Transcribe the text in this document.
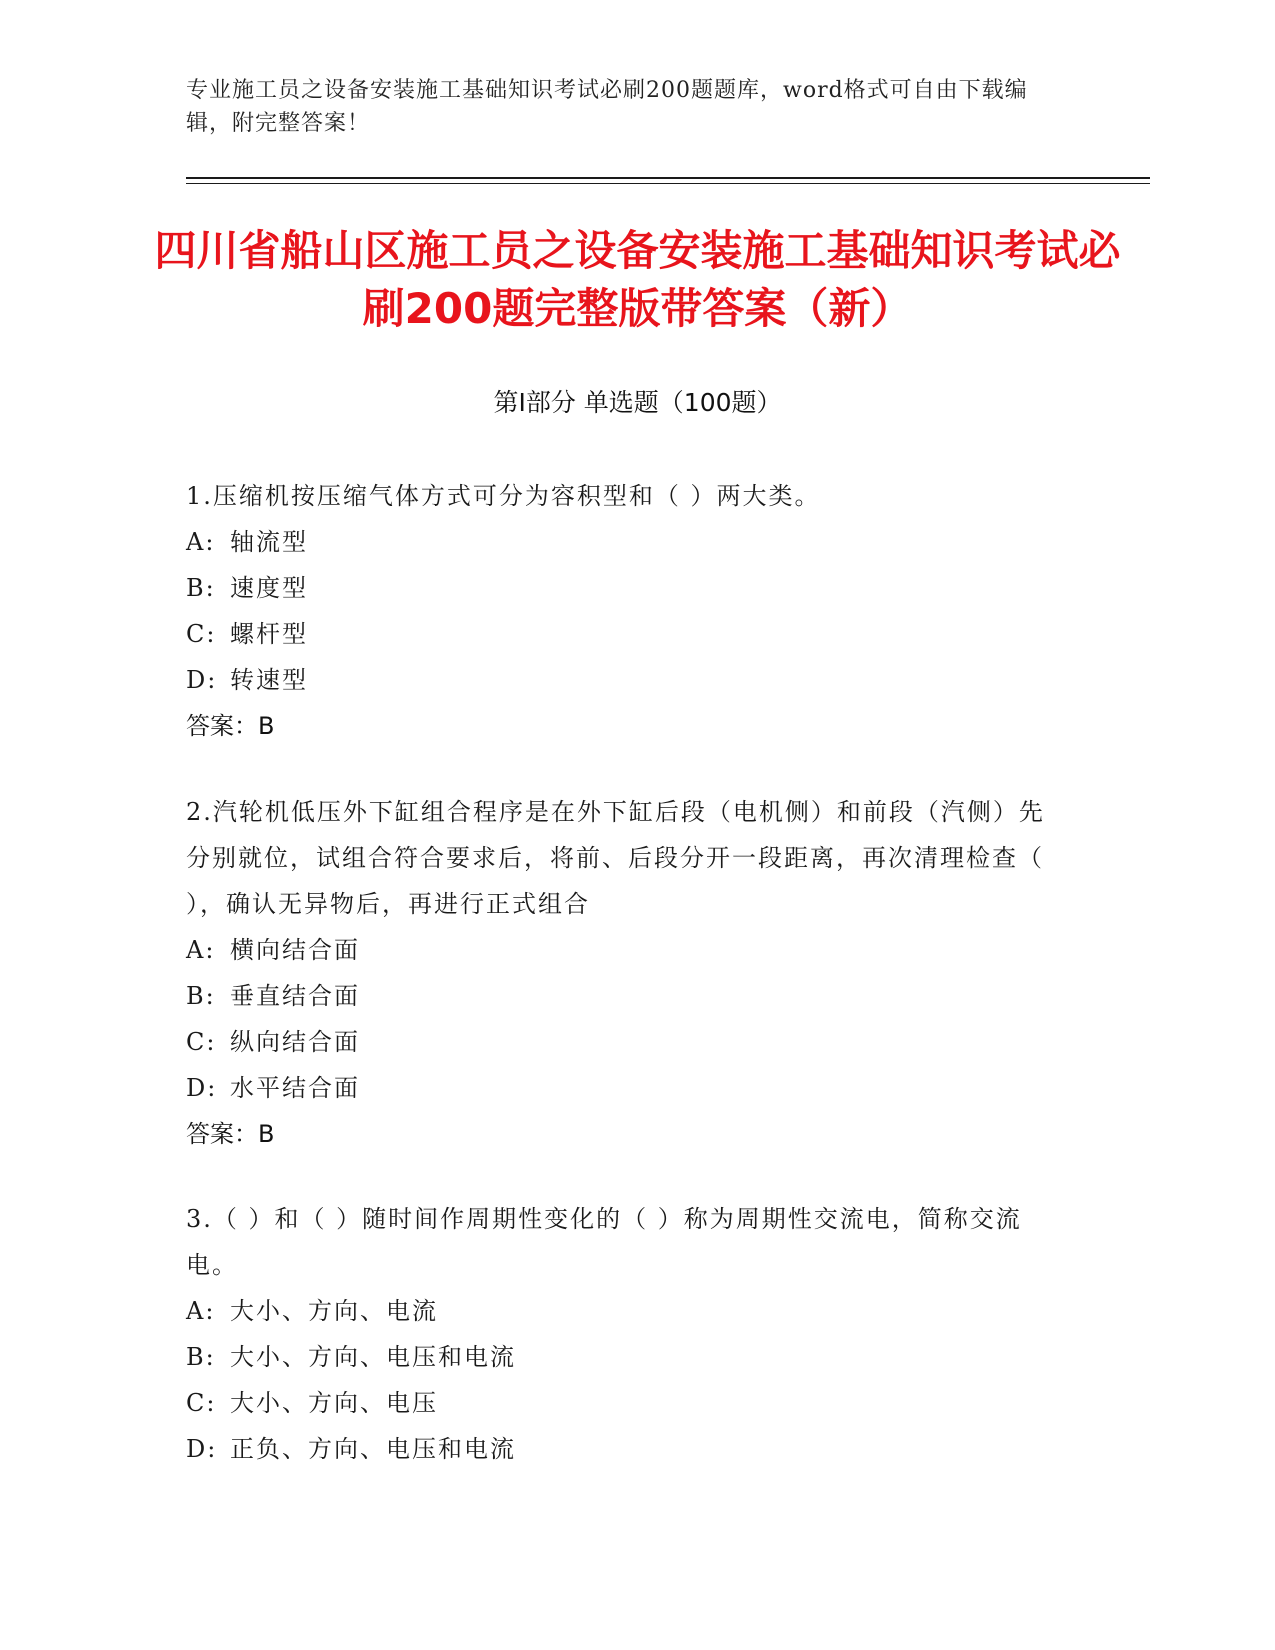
专业施工员之设备安装施工基础知识考试必刷200题题库，word格式可自由下载编辑，附完整答案！
四川省船山区施工员之设备安装施工基础知识考试必刷200题完整版带答案（新）
第Ⅰ部分 单选题（100题）
1.压缩机按压缩气体方式可分为容积型和（ ）两大类。
A: 轴流型
B: 速度型
C: 螺杆型
D: 转速型
答案：B
2.汽轮机低压外下缸组合程序是在外下缸后段（电机侧）和前段（汽侧）先分别就位，试组合符合要求后，将前、后段分开一段距离，再次清理检查（ ），确认无异物后，再进行正式组合
A: 横向结合面
B: 垂直结合面
C: 纵向结合面
D: 水平结合面
答案：B
3.（ ）和（ ）随时间作周期性变化的（ ）称为周期性交流电，简称交流电。
A: 大小、方向、电流
B: 大小、方向、电压和电流
C: 大小、方向、电压
D: 正负、方向、电压和电流
